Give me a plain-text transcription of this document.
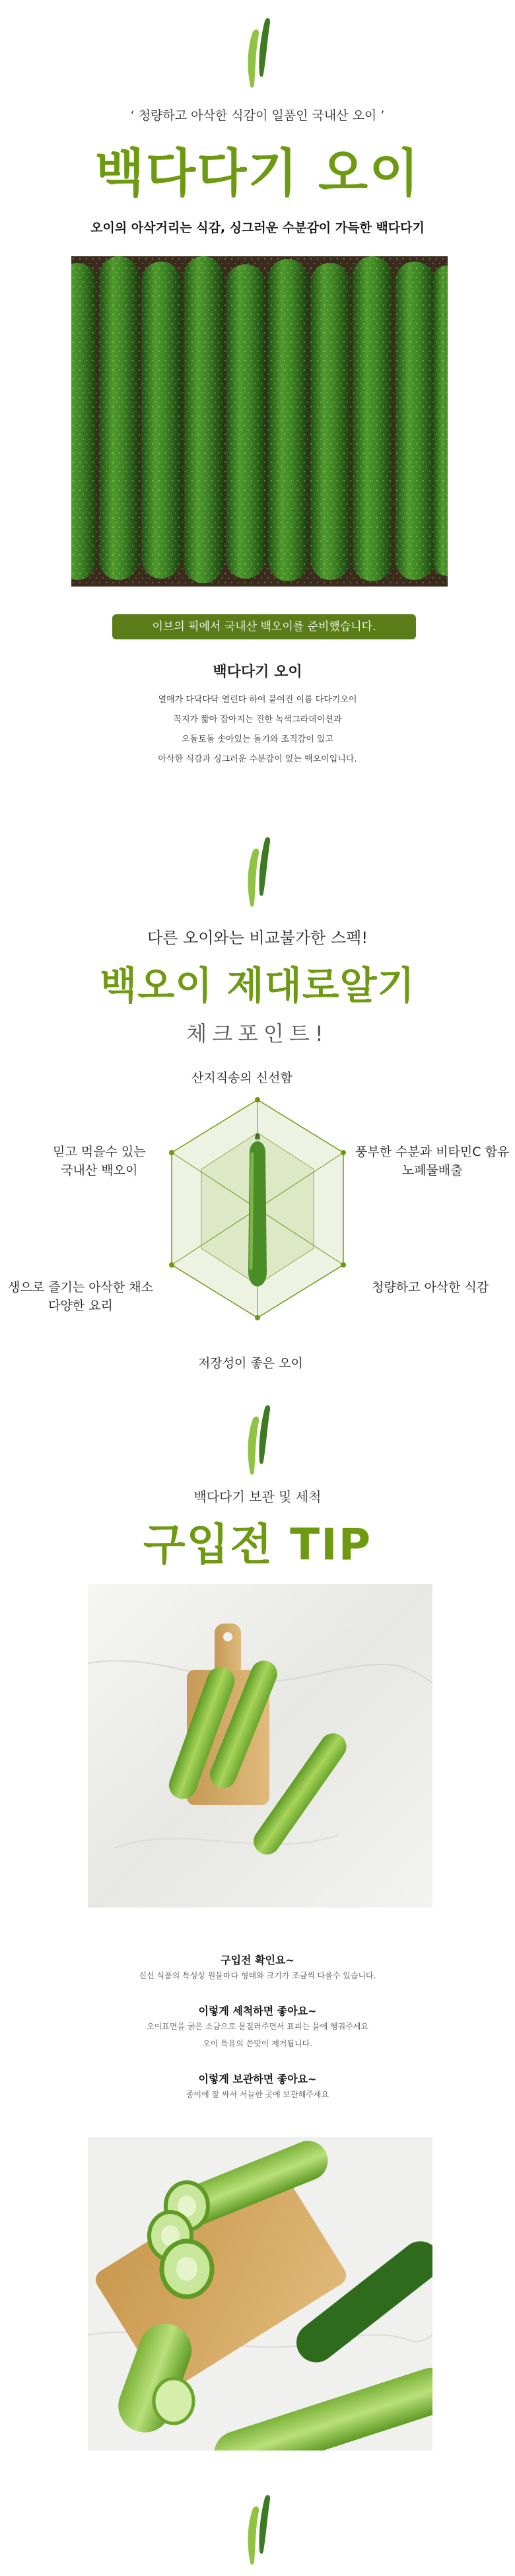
‘ 청량하고 아삭한 식감이 일품인 국내산 오이 ’
백다다기 오이
오이의 아삭거리는 식감, 싱그러운 수분감이 가득한 백다다기
이브의 픽에서 국내산 백오이를 준비했습니다.
백다다기 오이
열매가 다닥다닥 열린다 하여 붙여진 이름 다다기오이
꼭지가 짧아 잡아지는 진한 녹색그라데이션과
오돌토돌 솟아있는 돌기와 조직감이 있고
아삭한 식감과 싱그러운 수분감이 있는 백오이입니다.
다른 오이와는 비교불가한 스펙!
백오이 제대로알기
체크포인트!
산지직송의 신선함
풍부한 수분과 비타민C 함유
노폐물배출
청량하고 아삭한 식감
저장성이 좋은 오이
생으로 즐기는 아삭한 채소
다양한 요리
믿고 먹을수 있는
국내산 백오이
백다다기 보관 및 세척
구입전 TIP
구입전 확인요~
신선 식품의 특성상 원물마다 형태와 크기가 조금씩 다를수 있습니다.
이렇게 세척하면 좋아요~
오이표면을 굵은 소금으로 문질러주면서 표피는 물에 헹궈주세요
오이 특유의 쓴맛이 제거됩니다.
이렇게 보관하면 좋아요~
종이에 잘 싸서 서늘한 곳에 보관해주세요
